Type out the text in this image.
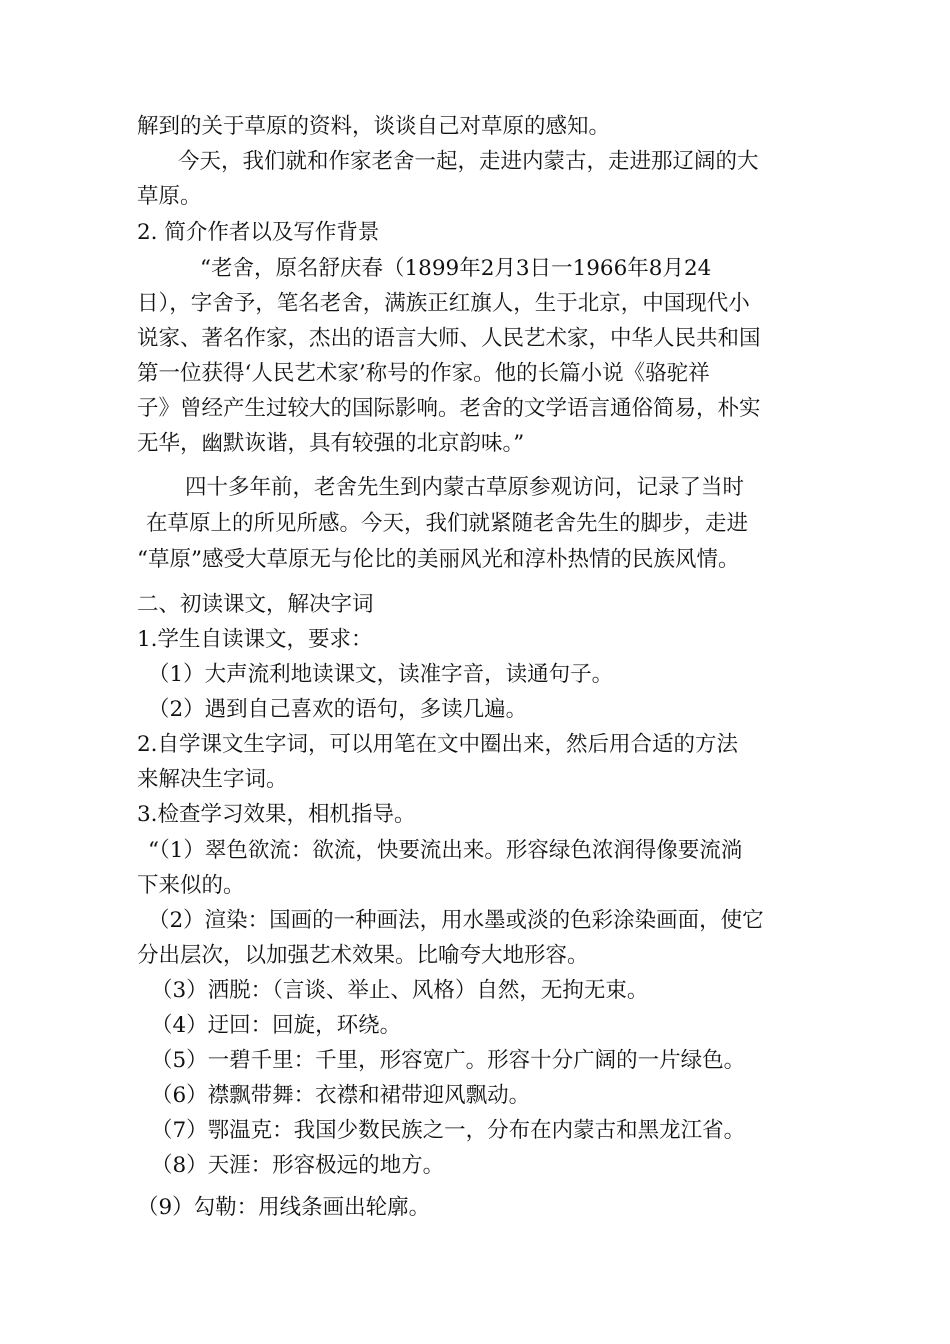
解到的关于草原的资料，谈谈自己对草原的感知。
今天，我们就和作家老舍一起，走进内蒙古，走进那辽阔的大
草原。
2. 简介作者以及写作背景
“老舍，原名舒庆春（1899年2月3日一1966年8月24
日），字舍予，笔名老舍，满族正红旗人，生于北京，中国现代小
说家、著名作家，杰出的语言大师、人民艺术家，中华人民共和国
第一位获得‘人民艺术家’称号的作家。他的长篇小说《骆驼祥
子》曾经产生过较大的国际影响。老舍的文学语言通俗简易，朴实
无华，幽默诙谐，具有较强的北京韵味。”
四十多年前，老舍先生到内蒙古草原参观访问，记录了当时
在草原上的所见所感。今天，我们就紧随老舍先生的脚步，走进
“草原”感受大草原无与伦比的美丽风光和淳朴热情的民族风情。
二、初读课文，解决字词
1.学生自读课文，要求：
（1）大声流利地读课文，读准字音，读通句子。
（2）遇到自己喜欢的语句，多读几遍。
2.自学课文生字词，可以用笔在文中圈出来，然后用合适的方法
来解决生字词。
3.检查学习效果，相机指导。
“（1）翠色欲流：欲流，快要流出来。形容绿色浓润得像要流淌
下来似的。
（2）渲染：国画的一种画法，用水墨或淡的色彩涂染画面，使它
分出层次，以加强艺术效果。比喻夸大地形容。
（3）洒脱：（言谈、举止、风格）自然，无拘无束。
（4）迂回：回旋，环绕。
（5）一碧千里：千里，形容宽广。形容十分广阔的一片绿色。
（6）襟飘带舞：衣襟和裙带迎风飘动。
（7）鄂温克：我国少数民族之一，分布在内蒙古和黑龙江省。
（8）天涯：形容极远的地方。
（9）勾勒：用线条画出轮廓。
